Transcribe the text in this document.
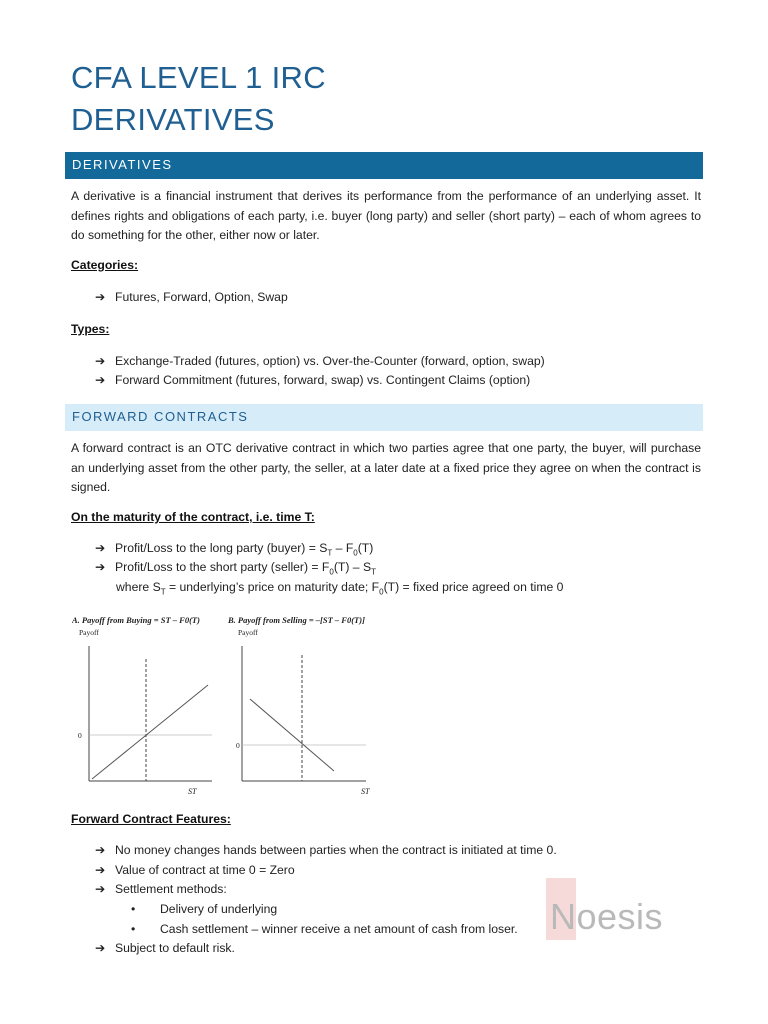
CFA LEVEL 1 IRC
DERIVATIVES
DERIVATIVES
A derivative is a financial instrument that derives its performance from the performance of an underlying asset. It defines rights and obligations of each party, i.e. buyer (long party) and seller (short party) – each of whom agrees to do something for the other, either now or later.
Categories:
➔ Futures, Forward, Option, Swap
Types:
➔ Exchange-Traded (futures, option) vs. Over-the-Counter (forward, option, swap)
➔ Forward Commitment (futures, forward, swap) vs. Contingent Claims (option)
FORWARD CONTRACTS
A forward contract is an OTC derivative contract in which two parties agree that one party, the buyer, will purchase an underlying asset from the other party, the seller, at a later date at a fixed price they agree on when the contract is signed.
On the maturity of the contract, i.e. time T:
➔ Profit/Loss to the long party (buyer) = $S_T - F_0(T)$
➔ Profit/Loss to the short party (seller) = $F_0(T) - S_T$
where $S_T$ = underlying’s price on maturity date; $F_0(T)$ = fixed price agreed on time 0
A. Payoff from Buying = ST – F0(T)
Payoff
0
ST
B. Payoff from Selling = –[ST – F0(T)]
Payoff
0
ST
Forward Contract Features:
➔ No money changes hands between parties when the contract is initiated at time 0.
➔ Value of contract at time 0 = Zero
➔ Settlement methods:
• Delivery of underlying
• Cash settlement – winner receive a net amount of cash from loser.
➔ Subject to default risk.
Noesis
